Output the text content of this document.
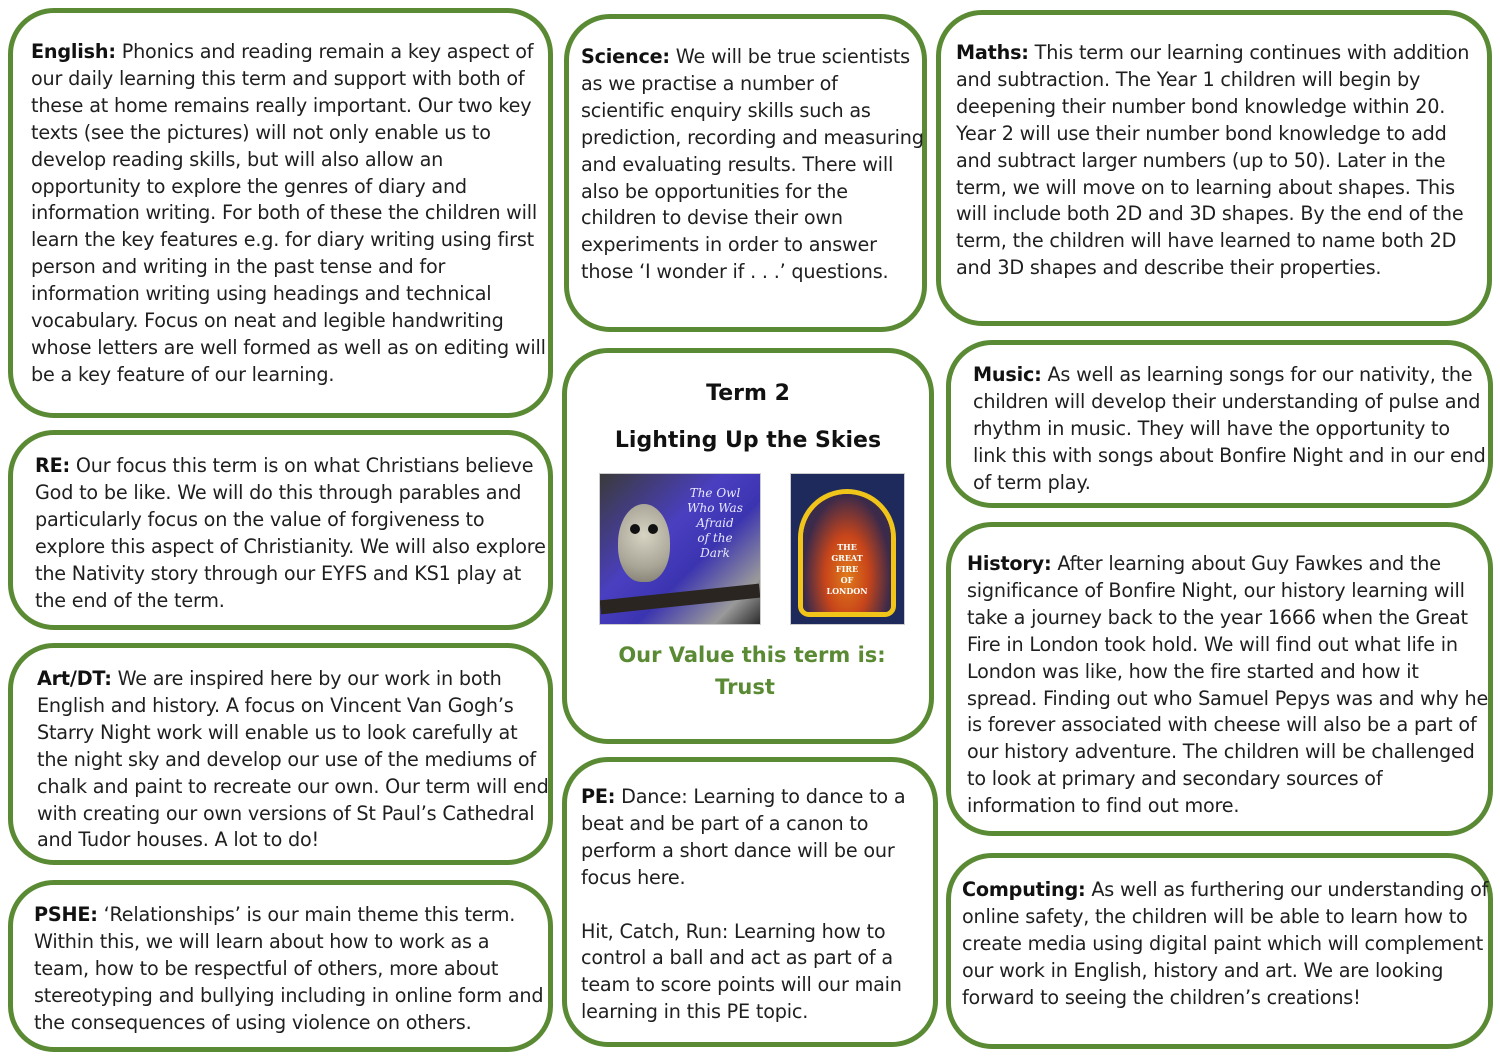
English: Phonics and reading remain a key aspect of our daily learning this term and support with both of these at home remains really important. Our two key texts (see the pictures) will not only enable us to develop reading skills, but will also allow an opportunity to explore the genres of diary and information writing. For both of these the children will learn the key features e.g. for diary writing using first person and writing in the past tense and for information writing using headings and technical vocabulary. Focus on neat and legible handwriting whose letters are well formed as well as on editing will be a key feature of our learning.
RE: Our focus this term is on what Christians believe God to be like. We will do this through parables and particularly focus on the value of forgiveness to explore this aspect of Christianity. We will also explore the Nativity story through our EYFS and KS1 play at the end of the term.
Art/DT: We are inspired here by our work in both English and history. A focus on Vincent Van Gogh’s Starry Night work will enable us to look carefully at the night sky and develop our use of the mediums of chalk and paint to recreate our own. Our term will end with creating our own versions of St Paul’s Cathedral and Tudor houses. A lot to do!
PSHE: ‘Relationships’ is our main theme this term. Within this, we will learn about how to work as a team, how to be respectful of others, more about stereotyping and bullying including in online form and the consequences of using violence on others.
Science: We will be true scientists as we practise a number of scientific enquiry skills such as prediction, recording and measuring and evaluating results. There will also be opportunities for the children to devise their own experiments in order to answer those ‘I wonder if . . .’ questions.
Term 2
Lighting Up the Skies
The Owl
Who Was
Afraid
of the
Dark	THE
GREAT
FIRE
OF
LONDON
Our Value this term is:
Trust
PE: Dance: Learning to dance to a beat and be part of a canon to perform a short dance will be our focus here.

Hit, Catch, Run: Learning how to control a ball and act as part of a team to score points will our main learning in this PE topic.
Maths: This term our learning continues with addition and subtraction. The Year 1 children will begin by deepening their number bond knowledge within 20. Year 2 will use their number bond knowledge to add and subtract larger numbers (up to 50). Later in the term, we will move on to learning about shapes. This will include both 2D and 3D shapes. By the end of the term, the children will have learned to name both 2D and 3D shapes and describe their properties.
Music: As well as learning songs for our nativity, the children will develop their understanding of pulse and rhythm in music. They will have the opportunity to link this with songs about Bonfire Night and in our end of term play.
History: After learning about Guy Fawkes and the significance of Bonfire Night, our history learning will take a journey back to the year 1666 when the Great Fire in London took hold. We will find out what life in London was like, how the fire started and how it spread. Finding out who Samuel Pepys was and why he is forever associated with cheese will also be a part of our history adventure. The children will be challenged to look at primary and secondary sources of information to find out more.
Computing: As well as furthering our understanding of online safety, the children will be able to learn how to create media using digital paint which will complement our work in English, history and art. We are looking forward to seeing the children’s creations!
